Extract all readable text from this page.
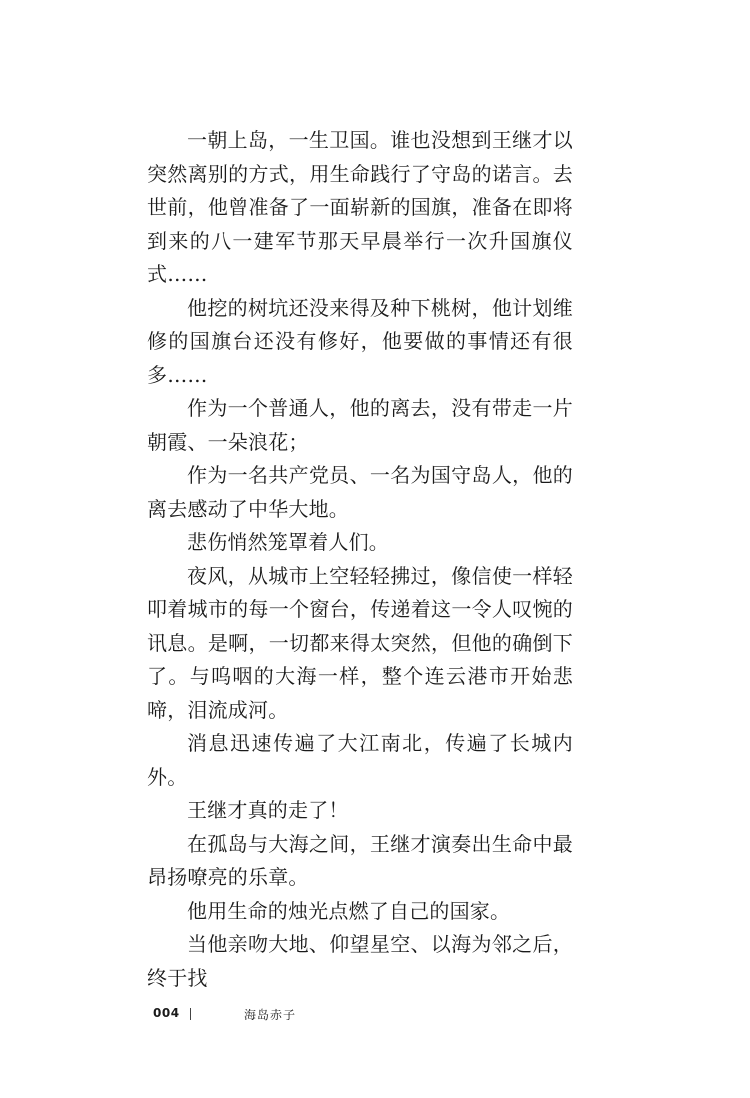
一朝上岛，一生卫国。谁也没想到王继才以突然离别的方式，用生命践行了守岛的诺言。去世前，他曾准备了一面崭新的国旗，准备在即将到来的八一建军节那天早晨举行一次升国旗仪式……

他挖的树坑还没来得及种下桃树，他计划维修的国旗台还没有修好，他要做的事情还有很多……

作为一个普通人，他的离去，没有带走一片朝霞、一朵浪花；

作为一名共产党员、一名为国守岛人，他的离去感动了中华大地。

悲伤悄然笼罩着人们。

夜风，从城市上空轻轻拂过，像信使一样轻叩着城市的每一个窗台，传递着这一令人叹惋的讯息。是啊，一切都来得太突然，但他的确倒下了。与呜咽的大海一样，整个连云港市开始悲啼，泪流成河。

消息迅速传遍了大江南北，传遍了长城内外。

王继才真的走了！

在孤岛与大海之间，王继才演奏出生命中最昂扬嘹亮的乐章。

他用生命的烛光点燃了自己的国家。

当他亲吻大地、仰望星空、以海为邻之后，终于找

004	海岛赤子
